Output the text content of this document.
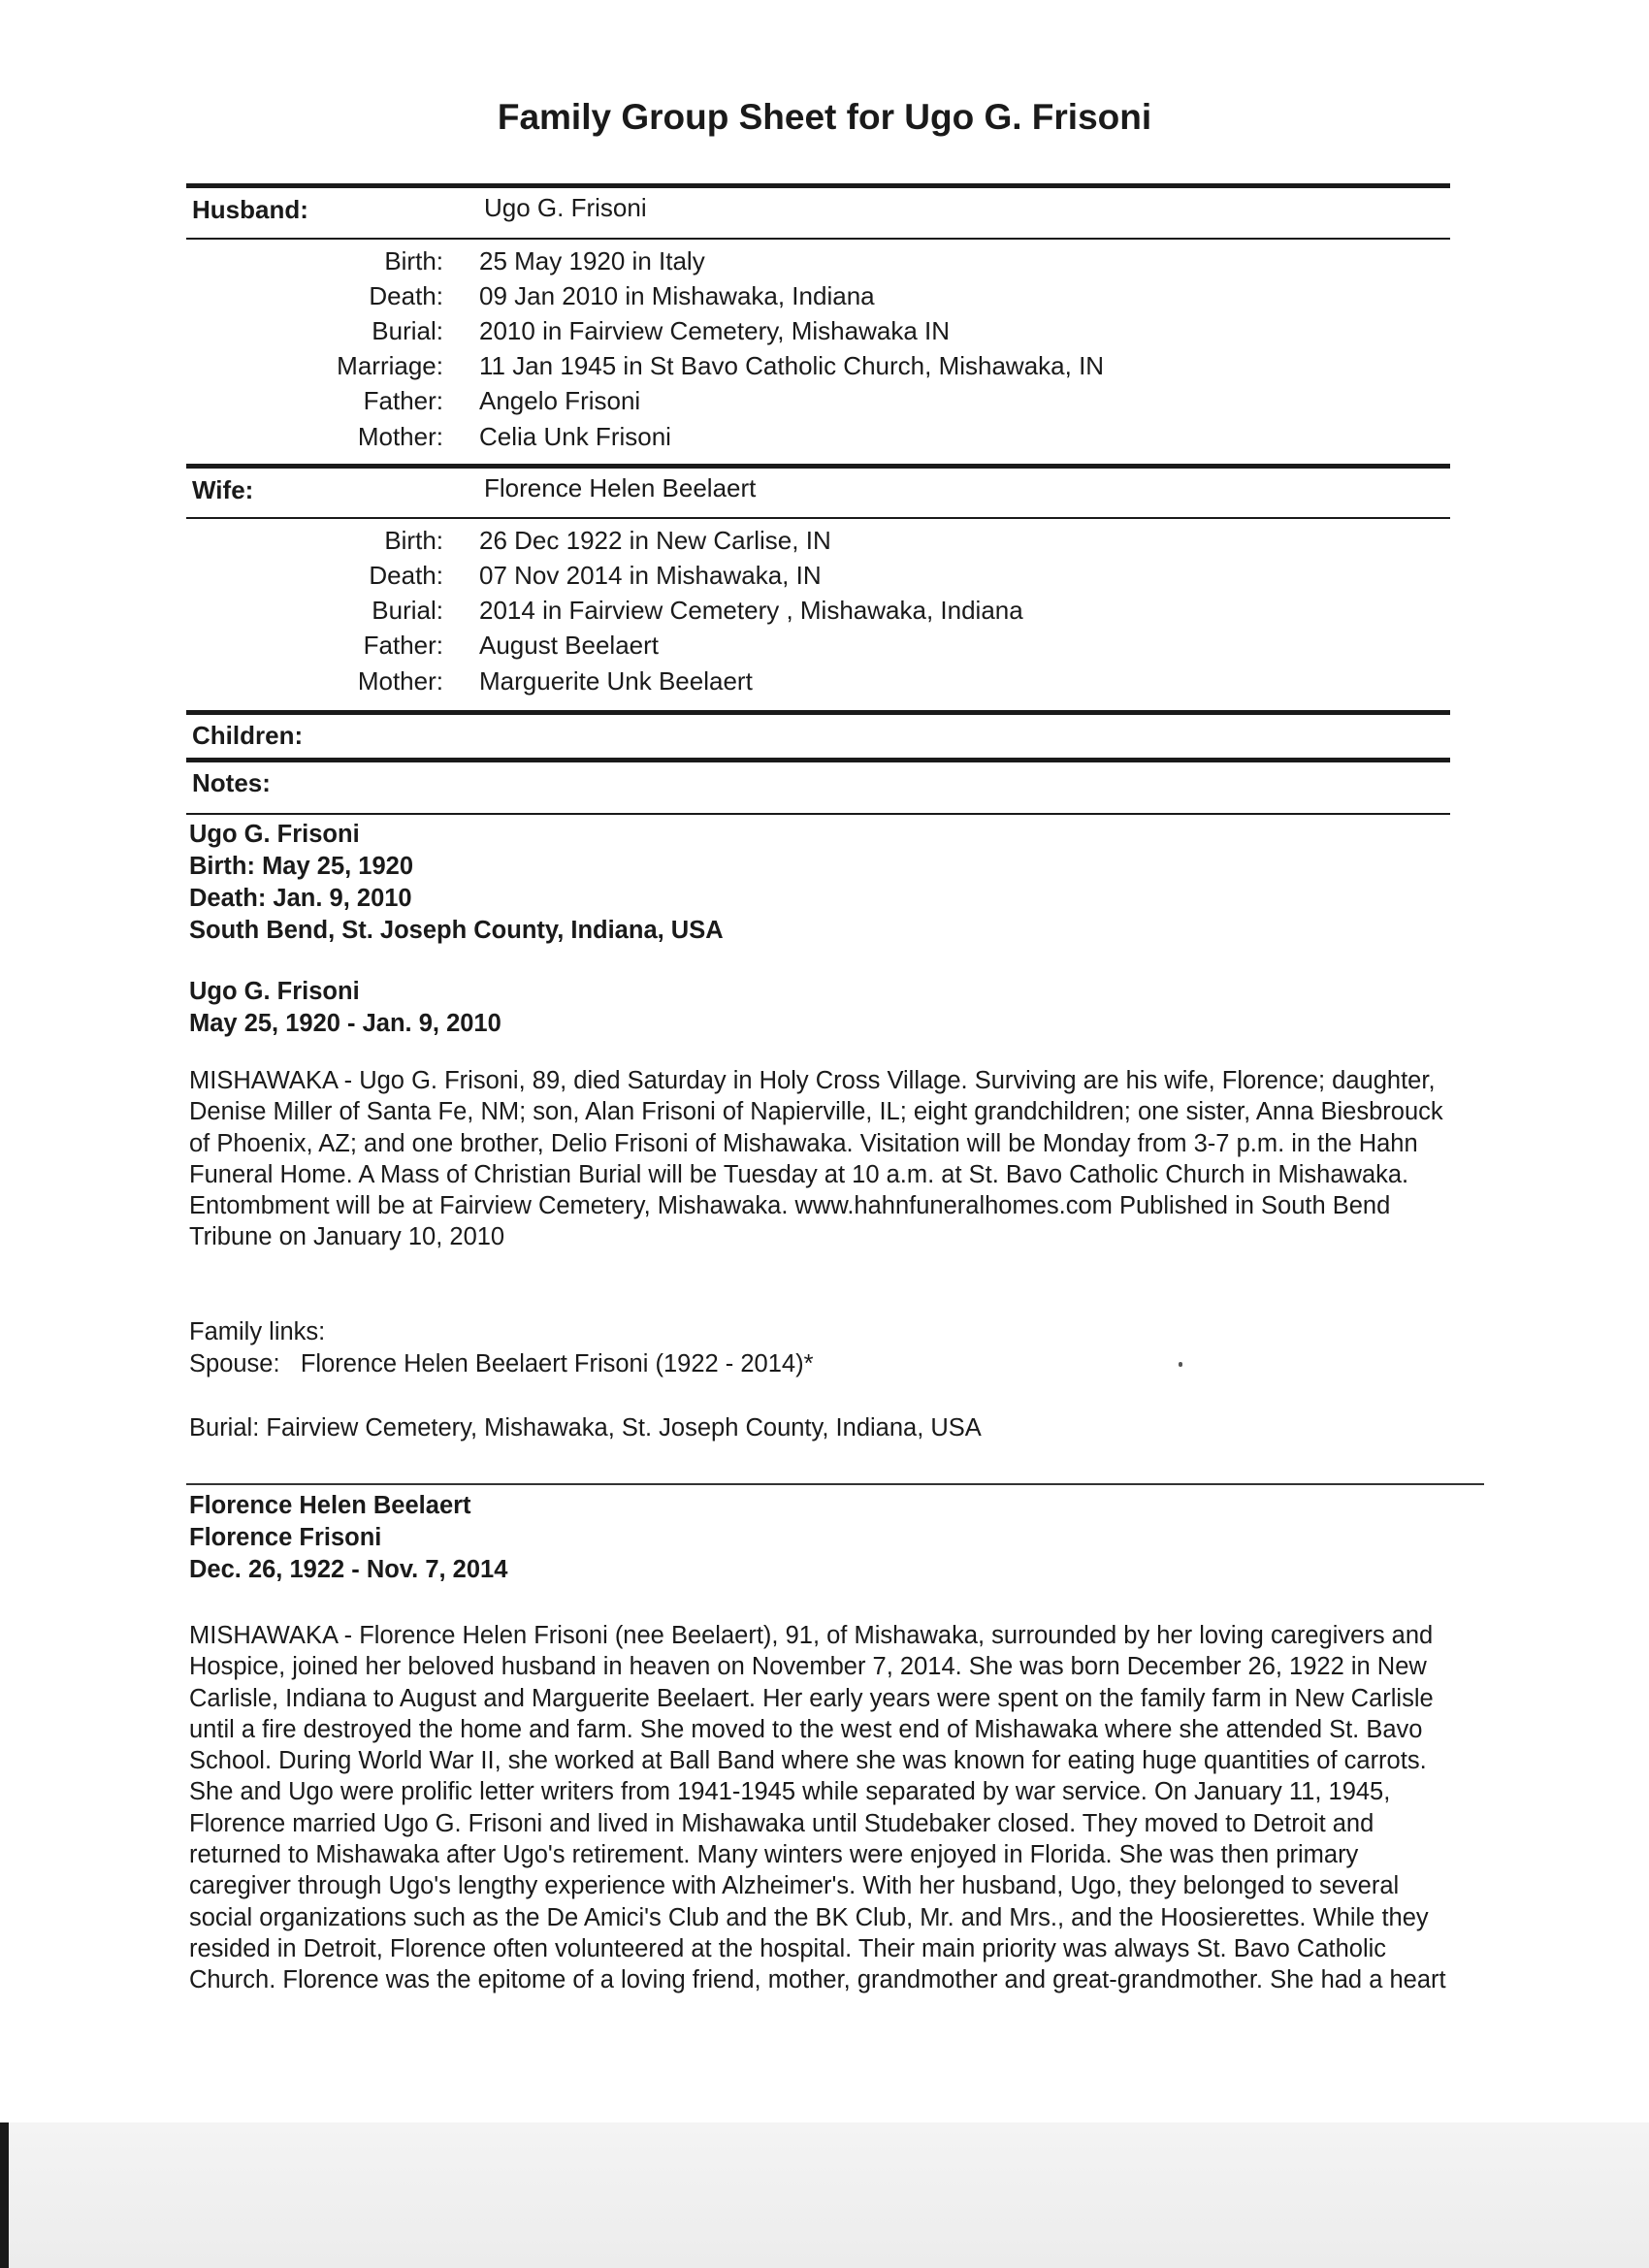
Family Group Sheet for Ugo G. Frisoni
Husband:	Ugo G. Frisoni
Birth: 25 May 1920 in Italy
Death: 09 Jan 2010 in Mishawaka, Indiana
Burial: 2010 in Fairview Cemetery, Mishawaka IN
Marriage: 11 Jan 1945 in St Bavo Catholic Church, Mishawaka, IN
Father: Angelo Frisoni
Mother: Celia Unk Frisoni
Wife:	Florence Helen Beelaert
Birth: 26 Dec 1922 in New Carlise, IN
Death: 07 Nov 2014 in Mishawaka, IN
Burial: 2014 in Fairview Cemetery , Mishawaka, Indiana
Father: August Beelaert
Mother: Marguerite Unk Beelaert
Children:
Notes:
Ugo G. Frisoni
Birth: May 25, 1920
Death: Jan. 9, 2010
South Bend, St. Joseph County, Indiana, USA
Ugo G. Frisoni
May 25, 1920 - Jan. 9, 2010
MISHAWAKA - Ugo G. Frisoni, 89, died Saturday in Holy Cross Village. Surviving are his wife, Florence; daughter, Denise Miller of Santa Fe, NM; son, Alan Frisoni of Napierville, IL; eight grandchildren; one sister, Anna Biesbrouck of Phoenix, AZ; and one brother, Delio Frisoni of Mishawaka. Visitation will be Monday from 3-7 p.m. in the Hahn Funeral Home. A Mass of Christian Burial will be Tuesday at 10 a.m. at St. Bavo Catholic Church in Mishawaka. Entombment will be at Fairview Cemetery, Mishawaka. www.hahnfuneralhomes.com Published in South Bend Tribune on January 10, 2010
Family links:
Spouse:   Florence Helen Beelaert Frisoni (1922 - 2014)*
Burial: Fairview Cemetery, Mishawaka, St. Joseph County, Indiana, USA
Florence Helen Beelaert
Florence Frisoni
Dec. 26, 1922 - Nov. 7, 2014
MISHAWAKA - Florence Helen Frisoni (nee Beelaert), 91, of Mishawaka, surrounded by her loving caregivers and Hospice, joined her beloved husband in heaven on November 7, 2014. She was born December 26, 1922 in New Carlisle, Indiana to August and Marguerite Beelaert. Her early years were spent on the family farm in New Carlisle until a fire destroyed the home and farm. She moved to the west end of Mishawaka where she attended St. Bavo School. During World War II, she worked at Ball Band where she was known for eating huge quantities of carrots. She and Ugo were prolific letter writers from 1941-1945 while separated by war service. On January 11, 1945, Florence married Ugo G. Frisoni and lived in Mishawaka until Studebaker closed. They moved to Detroit and returned to Mishawaka after Ugo's retirement. Many winters were enjoyed in Florida. She was then primary caregiver through Ugo's lengthy experience with Alzheimer's. With her husband, Ugo, they belonged to several social organizations such as the De Amici's Club and the BK Club, Mr. and Mrs., and the Hoosierettes. While they resided in Detroit, Florence often volunteered at the hospital. Their main priority was always St. Bavo Catholic Church. Florence was the epitome of a loving friend, mother, grandmother and great-grandmother. She had a heart
